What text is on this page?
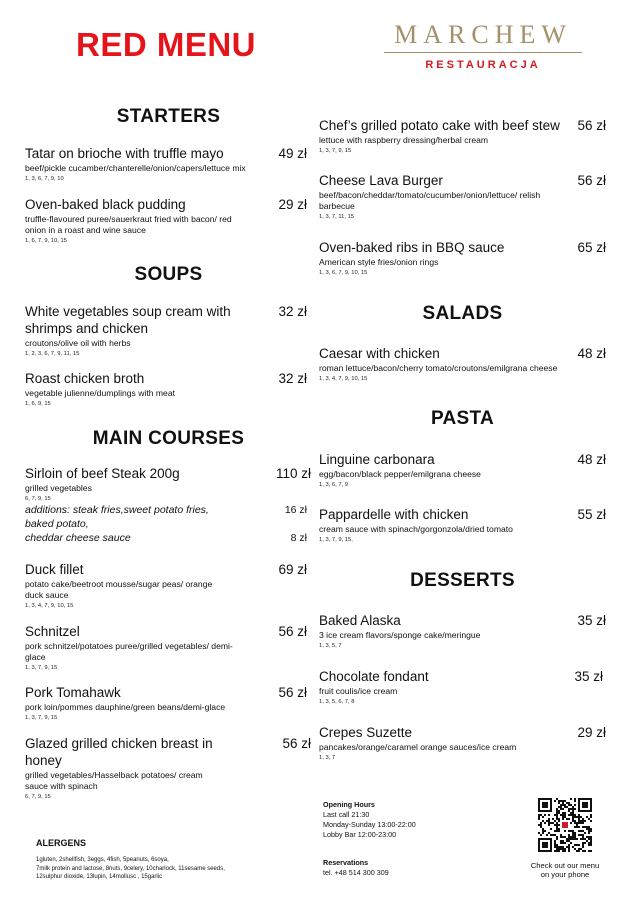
RED MENU	MARCHEW
RESTAURACJA
STARTERS
Tatar on brioche with truffle mayo	49 zł
beef/pickle cucamber/chanterelle/onion/capers/lettuce mix
1, 3, 6, 7, 9, 10
Oven-baked black pudding	29 zł
truffle-flavoured puree/sauerkraut fried with bacon/ red onion in a roast and wine sauce
1, 6, 7, 9, 10, 15
SOUPS
White vegetables soup cream with shrimps and chicken
32 zł
croutons/olive oil with herbs
1, 2, 3, 6, 7, 9, 11, 15
Roast chicken broth	32 zł
vegetable julienne/dumplings with meat
1, 6, 9, 15
MAIN COURSES
Sirloin of beef Steak 200g	110 zł
grilled vegetables
6, 7, 9, 15
additions: steak fries,sweet potato fries,	16 zł
baked potato,
cheddar cheese sauce	8 zł
Duck fillet	69 zł
potato cake/beetroot mousse/sugar peas/ orange duck sauce
1, 3, 4, 7, 9, 10, 15
Schnitzel	56 zł
pork schnitzel/potatoes puree/grilled vegetables/ demi-glace
1, 3, 7, 9, 15
Pork Tomahawk	56 zł
pork loin/pommes dauphine/green beans/demi-glace
1, 3, 7, 9, 15
Glazed grilled chicken breast in honey
56 zł
grilled vegetables/Hasselback potatoes/ cream sauce with spinach
6, 7, 9, 15
Chef’s grilled potato cake with beef stew	56 zł
lettuce with raspberry dressing/herbal cream
1, 3, 7, 9, 15
Cheese Lava Burger	56 zł
beef/bacon/cheddar/tomato/cucumber/onion/lettuce/ relish barbecue
1, 3, 7, 11, 15
Oven-baked ribs in BBQ sauce	65 zł
American style fries/onion rings
1, 3, 6, 7, 9, 10, 15
SALADS
Caesar with chicken	48 zł
roman lettuce/bacon/cherry tomato/croutons/emilgrana cheese
1, 3, 4, 7, 9, 10, 15
PASTA
Linguine carbonara	48 zł
egg/bacon/black pepper/emilgrana cheese
1, 3, 6, 7, 9
Pappardelle with chicken	55 zł
cream sauce with spinach/gorgonzola/dried tomato
1, 3, 7, 9, 15,
DESSERTS
Baked Alaska	35 zł
3 ice cream flavors/sponge cake/meringue
1, 3, 5, 7
Chocolate fondant	35 zł
fruit coulis/ice cream
1, 3, 5, 6, 7, 8
Crepes Suzette	29 zł
pancakes/orange/caramel orange sauces/ice cream
1, 3, 7
Opening Hours
Last call 21:30
Monday-Sunday 13:00-22:00
Lobby Bar 12:00-23:00
Reservations
tel. +48 514 300 309
ALERGENS
1gluten, 2shellfish, 3eggs, 4fish, 5peanuts, 6soya,
7milk protein and lactose, 8nuts, 9celery, 10charlock, 11sesame seeds,
12sulphur dioxide, 13lupin, 14mollusc , 15garlic
Check out our menu
on your phone
